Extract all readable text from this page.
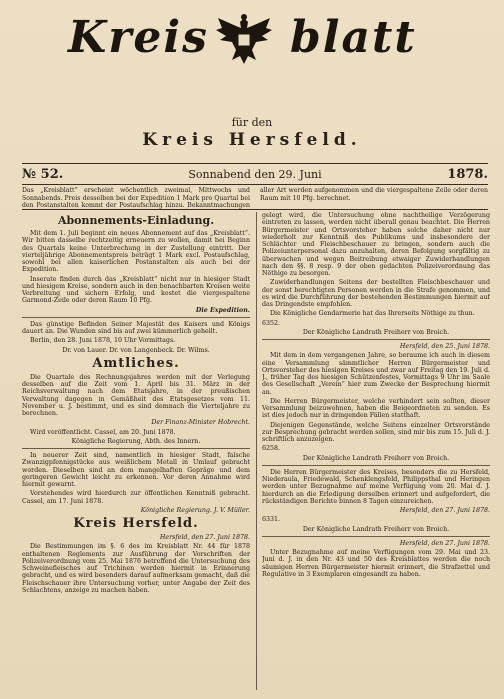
Kreis blatt
für den
Kreis Hersfeld.
№ 52.	Sonnabend den 29. Juni	1878.
Das „Kreisblatt“ erscheint wöchentlich zweimal, Mittwochs und Sonnabends. Preis desselben bei der Expedition 1 Mark pro Quartal bei den Postanstalten kommt der Postaufschlag hinzu. Bekanntmachungen aller Art werden aufgenommen und die viergespaltene Zeile oder deren Raum mit 10 Pfg. berechnet.
Abonnements-Einladung.

Mit dem 1. Juli beginnt ein neues Abonnement auf das „Kreisblatt“. Wir bitten dasselbe rechtzeitig erneuern zu wollen, damit bei Beginn des Quartals keine Unterbrechung in der Zustellung eintritt. Der vierteljährige Abonnementspreis beträgt 1 Mark excl. Postaufschlag, sowohl bei allen kaiserlichen Postanstalten als auch bei der Expedition.

Inserate finden durch das „Kreisblatt“ nicht nur in hiesiger Stadt und hiesigem Kreise, sondern auch in den benachbarten Kreisen weite Verbreitung und sichern Erfolg, und kostet die viergespaltene Garmond-Zeile oder deren Raum 10 Pfg.

Die Expedition.

Das günstige Befinden Seiner Majestät des Kaisers und Königs dauert an. Die Wunden sind bis auf zwei kümmerlich geheilt.

Berlin, den 28. Juni 1878, 10 Uhr Vormittags.

Dr. von Lauer. Dr. von Langenbeck. Dr. Wilms.

Amtliches.

Die Quartale des Rechnungsjahres werden mit der Verlegung desselben auf die Zeit vom 1. April bis 31. März in der Reichsverwaltung nach dem Etatsjahre, in der preußischen Verwaltung dagegen in Gemäßheit des Etatsgesetzes vom 11. November u. J. bestimmt, und es sind demnach die Vierteljahre zu berechnen.

Der Finanz-Minister Hobrecht.

Wird veröffentlicht. Cassel, am 20. Juni 1878.

Königliche Regierung, Abth. des Innern.

In neuerer Zeit sind, namentlich in hiesiger Stadt, falsche Zwanzigpfennigstücke aus weißlichem Metall in Umlauf gebracht worden. Dieselben sind an dem mangelhaften Gepräge und dem geringeren Gewicht leicht zu erkennen. Vor deren Annahme wird hiermit gewarnt.

Vorstehendes wird hierdurch zur öffentlichen Kenntniß gebracht. Cassel, am 17. Juni 1878.

Königliche Regierung. J. V. Müller.

Kreis Hersfeld.

Hersfeld, den 27. Juni 1878.

Die Bestimmungen im §. 6 des im Kreisblatt Nr. 44 für 1878 enthaltenen Reglements zur Ausführung der Vorschriften der Polizeiverordnung vom 25. Mai 1876 betreffend die Untersuchung des Schweinefleisches auf Trichinen werden hiermit in Erinnerung gebracht, und es wird besonders darauf aufmerksam gemacht, daß die Fleischschauer ihre Untersuchung vorher, unter Angabe der Zeit des Schlachtens, anzeige zu machen haben.

gelegt wird, die Untersuchung ohne nachtheilige Verzögerung eintreten zu lassen, werden nicht überall genau beachtet. Die Herren Bürgermeister und Ortsvorsteher haben solche daher nicht nur wiederholt zur Kenntniß des Publikums und insbesondere der Schlächter und Fleischbeschauer zu bringen, sondern auch die Polizeiunterpersonal dazu anzuhalten, deren Befolgung sorgfältig zu überwachen und wegen Beitreibung etwaiger Zuwiderhandlungen nach den §§. 8 resp. 9 der oben gedachten Polizeiverordnung das Nöthige zu besorgen.

Zuwiderhandlungen Seitens der bestellten Fleischbeschauer und der sonst berechtigten Personen werden in die Strafe genommen, und es wird die Durchführung der bestehenden Bestimmungen hiermit auf das Dringendste empfohlen.

Die Königliche Gendarmerie hat das Ihrerseits Nöthige zu thun.

6352.

Der Königliche Landrath Freiherr von Broich.

Hersfeld, den 25. Juni 1878.

Mit dem in dem vergangenen Jahre, so beraume ich auch in diesem eine Versammlung sämmtlicher Herren Bürgermeister und Ortsvorsteher des hiesigen Kreises und zwar auf Freitag den 19. Juli d. J., früher Tag des hiesigen Schützenfestes, Vormittags 9 Uhr im Saale des Gesellschaft „Verein“ hier zum Zwecke der Besprechung hiermit an.

Die Herren Bürgermeister, welche verhindert sein sollten, dieser Versammlung beizuwohnen, haben die Beigeordneten zu senden. Es ist dies jedoch nur in dringenden Fällen statthaft.

Diejenigen Gegenstände, welche Seitens einzelner Ortsvorstände zur Besprechung gebracht werden sollen, sind mir bis zum 15. Juli d. J. schriftlich anzuzeigen.

6258.

Der Königliche Landrath Freiherr von Broich.

Die Herren Bürgermeister des Kreises, besonders die zu Hersfeld, Niederaula, Friedewald, Schenklengsfeld, Philippsthal und Heringen werden unter Bezugnahme auf meine Verfügung vom 20. Mai d. J. hierdurch an die Erledigung derselben erinnert und aufgefordert, die rückständigen Berichte binnen 8 Tagen einzureichen.

Hersfeld, den 27. Juni 1878.

6331.

Der Königliche Landrath Freiherr von Broich.

Hersfeld, den 27. Juni 1878.

Unter Bezugnahme auf meine Verfügungen vom 29. Mai und 23. Juni d. J. in den Nr. 43 und 50 des Kreisblattes werden die noch säumigen Herren Bürgermeister hiermit erinnert, die Strafzettel und Regulative in 3 Exemplaren eingesandt zu haben.
